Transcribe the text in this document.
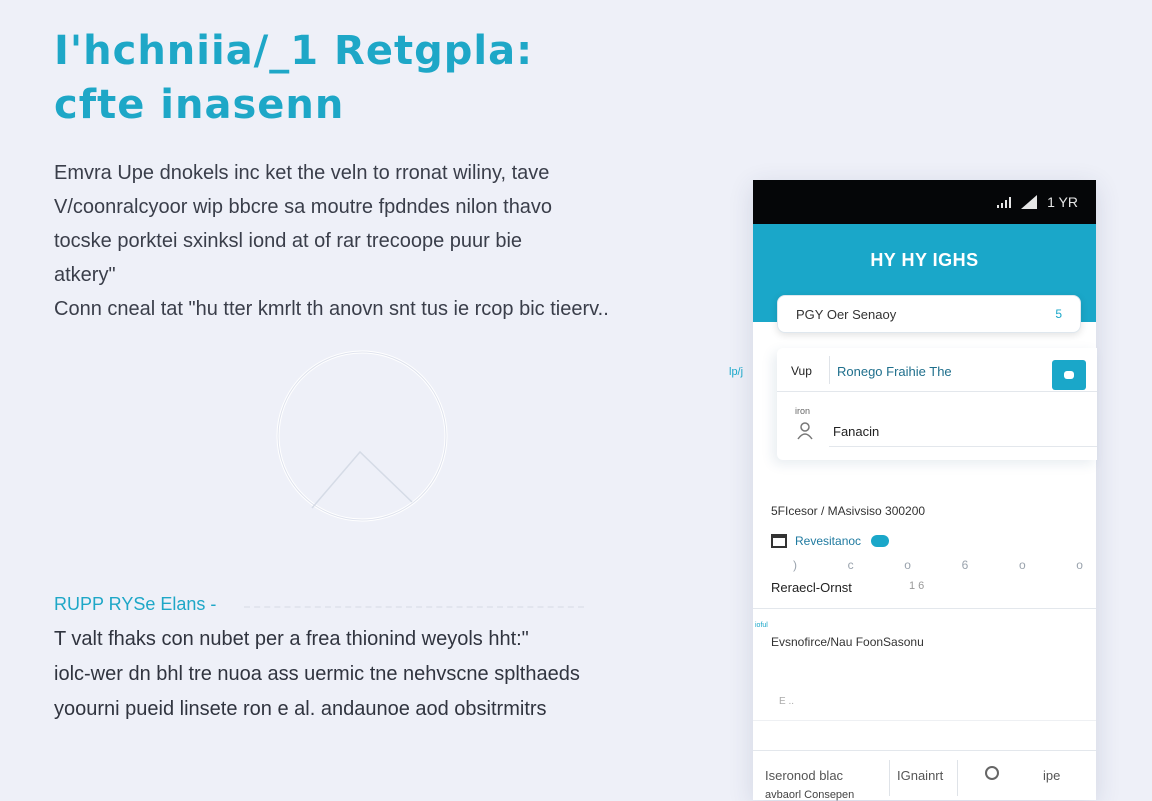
I'hchniia/_1 Retgpla:
cfte inasenn
Emvra Upe dnokels inc ket the veln to rronat wiliny, tave
V/coonralcyoor wip bbcre sa moutre fpdndes nilon thavo
tocske porktei sxinksl iond at of rar trecoope puur bie
atkery"
Conn cneal tat "hu tter kmrlt th anovn snt tus ie rcop bic tieerv..
RUPP RYSe Elans -
T valt fhaks con nubet per a frea thionind weyols hht:"
iolc-wer dn bhl tre nuoa ass uermic tne nehvscne splthaeds
yoourni pueid linsete ron e al. andaunoe aod obsitrmitrs
1 YR
HY HY IGHS
PGY Oer Senaoy	5
lp/j	Vup Ronego Fraihie The
iron
Fanacin
5FIcesor / MAsivsiso 300200
Revesitanoc
)	c	o	6	o	o
Reraecl-Ornst	1 6
ioful
Evsnofirce/Nau FoonSasonu
E ..
Iseronod blac
avbaorl Consepen
IGnainrt	ipe
